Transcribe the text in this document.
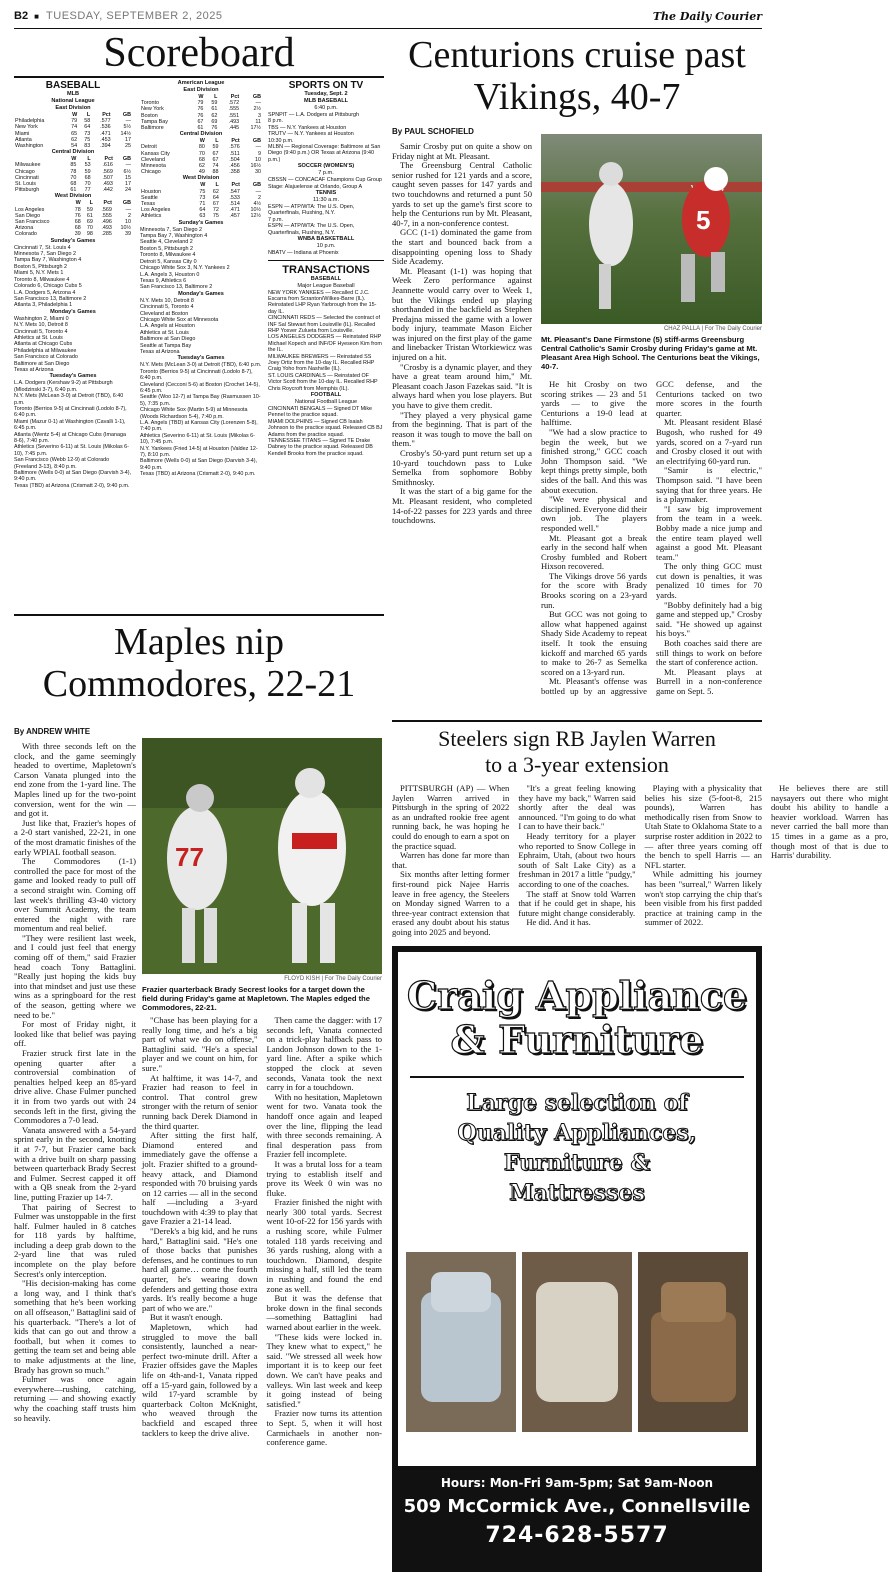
B2 ■ TUESDAY, SEPTEMBER 2, 2025	The Daily Courier
Scoreboard
BASEBALL
MLB
National League
East Division
	W	L	Pct	GB
Philadelphia	79	58	.577	—
New York	74	64	.536	5½
Miami	65	73	.471	14½
Atlanta	62	75	.453	17
Washington	54	83	.394	25
Central Division
	W	L	Pct	GB
Milwaukee	85	53	.616	—
Chicago	78	59	.569	6½
Cincinnati	70	68	.507	15
St. Louis	68	70	.493	17
Pittsburgh	61	77	.442	24
West Division
	W	L	Pct	GB
Los Angeles	78	59	.569	—
San Diego	76	61	.555	2
San Francisco	68	69	.496	10
Arizona	68	70	.493	10½
Colorado	39	98	.285	39
Sunday's Games
Cincinnati 7, St. Louis 4
Minnesota 7, San Diego 2
Tampa Bay 7, Washington 4
Boston 5, Pittsburgh 2
Miami 5, N.Y. Mets 1
Toronto 8, Milwaukee 4
Colorado 6, Chicago Cubs 5
L.A. Dodgers 5, Arizona 4
San Francisco 13, Baltimore 2
Atlanta 3, Philadelphia 1
Monday's Games
Washington 2, Miami 0
N.Y. Mets 10, Detroit 8
Cincinnati 5, Toronto 4
Athletics at St. Louis
Atlanta at Chicago Cubs
Philadelphia at Milwaukee
San Francisco at Colorado
Baltimore at San Diego
Texas at Arizona
Tuesday's Games
L.A. Dodgers (Kershaw 9-2) at Pittsburgh (Mlodzinski 3-7), 6:40 p.m.
N.Y. Mets (McLean 3-0) at Detroit (TBD), 6:40 p.m.
Toronto (Berrios 9-5) at Cincinnati (Lodolo 8-7), 6:40 p.m.
Miami (Mazur 0-1) at Washington (Cavalli 1-1), 6:45 p.m.
Atlanta (Wentz 5-4) at Chicago Cubs (Imanaga 8-6), 7:40 p.m.
Athletics (Severino 6-11) at St. Louis (Mikolas 6-10), 7:45 p.m.
San Francisco (Webb 12-9) at Colorado (Freeland 3-13), 8:40 p.m.
Baltimore (Wells 0-0) at San Diego (Darvish 3-4), 9:40 p.m.
Texas (TBD) at Arizona (Crismatt 2-0), 9:40 p.m.
American League
East Division
	W	L	Pct	GB
Toronto	79	59	.572	—
New York	76	61	.555	2½
Boston	76	62	.551	3
Tampa Bay	67	69	.493	11
Baltimore	61	76	.445	17½
Central Division
	W	L	Pct	GB
Detroit	80	59	.576	—
Kansas City	70	67	.511	9
Cleveland	68	67	.504	10
Minnesota	62	74	.456	16½
Chicago	49	88	.358	30
West Division
	W	L	Pct	GB
Houston	75	62	.547	—
Seattle	73	64	.533	2
Texas	71	67	.514	4½
Los Angeles	64	72	.471	10½
Athletics	63	75	.457	12½
Sunday's Games
Minnesota 7, San Diego 2
Tampa Bay 7, Washington 4
Seattle 4, Cleveland 2
Boston 5, Pittsburgh 2
Toronto 8, Milwaukee 4
Detroit 5, Kansas City 0
Chicago White Sox 3, N.Y. Yankees 2
L.A. Angels 3, Houston 0
Texas 9, Athletics 6
San Francisco 13, Baltimore 2
Monday's Games
N.Y. Mets 10, Detroit 8
Cincinnati 5, Toronto 4
Cleveland at Boston
Chicago White Sox at Minnesota
L.A. Angels at Houston
Athletics at St. Louis
Baltimore at San Diego
Seattle at Tampa Bay
Texas at Arizona
Tuesday's Games
N.Y. Mets (McLean 3-0) at Detroit (TBD), 6:40 p.m.
Toronto (Berrios 9-5) at Cincinnati (Lodolo 8-7), 6:40 p.m.
Cleveland (Cecconi 5-6) at Boston (Crochet 14-5), 6:45 p.m.
Seattle (Woo 12-7) at Tampa Bay (Rasmussen 10-5), 7:35 p.m.
Chicago White Sox (Martin 5-9) at Minnesota (Woods Richardson 5-4), 7:40 p.m.
L.A. Angels (TBD) at Kansas City (Lorenzen 5-8), 7:40 p.m.
Athletics (Severino 6-11) at St. Louis (Mikolas 6-10), 7:45 p.m.
N.Y. Yankees (Fried 14-5) at Houston (Valdez 12-7), 8:10 p.m.
Baltimore (Wells 0-0) at San Diego (Darvish 3-4), 9:40 p.m.
Texas (TBD) at Arizona (Crismatt 2-0), 9:40 p.m.
SPORTS ON TV
Tuesday, Sept. 2
MLB BASEBALL
6:40 p.m.
SPNPIT — L.A. Dodgers at Pittsburgh
8 p.m.
TBS — N.Y. Yankees at Houston
TRUTV — N.Y. Yankees at Houston
10:30 p.m.
MLBN — Regional Coverage: Baltimore at San Diego (9:40 p.m.) OR Texas at Arizona (9:40 p.m.)
SOCCER (WOMEN'S)
7 p.m.
CBSSN — CONCACAF Champions Cup Group Stage: Alajuelense at Orlando, Group A
TENNIS
11:30 a.m.
ESPN — ATP/WTA: The U.S. Open, Quarterfinals, Flushing, N.Y.
7 p.m.
ESPN — ATP/WTA: The U.S. Open, Quarterfinals, Flushing, N.Y.
WNBA BASKETBALL
10 p.m.
NBATV — Indiana at Phoenix
TRANSACTIONS
BASEBALL
Major League Baseball
NEW YORK YANKEES — Recalled C J.C. Escarra from Scranton/Wilkes-Barre (IL). Reinstated LHP Ryan Yarbrough from the 15-day IL.
CINCINNATI REDS — Selected the contract of INF Sal Stewart from Louisville (IL). Recalled RHP Yosver Zulueta from Louisville.
LOS ANGELES DODGERS — Reinstated RHP Michael Kopech and INF/OF Hyeseon Kim from the IL.
MILWAUKEE BREWERS — Reinstated SS Joey Ortiz from the 10-day IL. Recalled RHP Craig Yoho from Nashville (IL).
ST. LOUIS CARDINALS — Reinstated OF Victor Scott from the 10-day IL. Recalled RHP Chris Roycroft from Memphis (IL).
FOOTBALL
National Football League
CINCINNATI BENGALS — Signed DT Mike Pennel to the practice squad.
MIAMI DOLPHINS — Signed CB Isaiah Johnson to the practice squad. Released CB BJ Adams from the practice squad.
TENNESSEE TITANS — Signed TE Drake Dabney to the practice squad. Released DB Kendell Brooks from the practice squad.
Centurions cruise past Vikings, 40-7
By PAUL SCHOFIELD

Samir Crosby put on quite a show on Friday night at Mt. Pleasant.

The Greensburg Central Catholic senior rushed for 121 yards and a score, caught seven passes for 147 yards and two touchdowns and returned a punt 50 yards to set up the game's first score to help the Centurions run by Mt. Pleasant, 40-7, in a non-conference contest.

GCC (1-1) dominated the game from the start and bounced back from a disappointing opening loss to Shady Side Academy.

Mt. Pleasant (1-1) was hoping that Week Zero performance against Jeannette would carry over to Week 1, but the Vikings ended up playing shorthanded in the backfield as Stephen Predajna missed the game with a lower body injury, teammate Mason Eicher was injured on the first play of the game and linebacker Tristan Wtorkiewicz was injured on a hit.

"Crosby is a dynamic player, and they have a great team around him," Mt. Pleasant coach Jason Fazekas said. "It is always hard when you lose players. But you have to give them credit.

"They played a very physical game from the beginning. That is part of the reason it was tough to move the ball on them."

Crosby's 50-yard punt return set up a 10-yard touchdown pass to Luke Semelka from sophomore Bobby Smithnosky.

It was the start of a big game for the Mt. Pleasant resident, who completed 14-of-22 passes for 223 yards and three touchdowns.

5
CHAZ PALLA | For The Daily Courier
Mt. Pleasant's Dane Firmstone (5) stiff-arms Greensburg Central Catholic's Samir Crosby during Friday's game at Mt. Pleasant Area High School. The Centurions beat the Vikings, 40-7.

He hit Crosby on two scoring strikes — 23 and 51 yards — to give the Centurions a 19-0 lead at halftime.

"We had a slow practice to begin the week, but we finished strong," GCC coach John Thompson said. "We kept things pretty simple, both sides of the ball. And this was about execution.

"We were physical and disciplined. Everyone did their own job. The players responded well."

Mt. Pleasant got a break early in the second half when Crosby fumbled and Robert Hixson recovered.

The Vikings drove 56 yards for the score with Brady Brooks scoring on a 23-yard run.

But GCC was not going to allow what happened against Shady Side Academy to repeat itself. It took the ensuing kickoff and marched 65 yards to make to 26-7 as Semelka scored on a 13-yard run.

Mt. Pleasant's offense was bottled up by an aggressive GCC defense, and the Centurions tacked on two more scores in the fourth quarter.

Mt. Pleasant resident Blasé Bugosh, who rushed for 49 yards, scored on a 7-yard run and Crosby closed it out with an electrifying 60-yard run.

"Samir is electric," Thompson said. "I have been saying that for three years. He is a playmaker.

"I saw big improvement from the team in a week. Bobby made a nice jump and the entire team played well against a good Mt. Pleasant team."

The only thing GCC must cut down is penalties, it was penalized 10 times for 70 yards.

"Bobby definitely had a big game and stepped up," Crosby said. "He showed up against his boys."

Both coaches said there are still things to work on before the start of conference action.

Mt. Pleasant plays at Burrell in a non-conference game on Sept. 5.

Maples nip Commodores, 22-21
By ANDREW WHITE
77
FLOYD KISH | For The Daily Courier
Frazier quarterback Brady Secrest looks for a target down the field during Friday's game at Mapletown. The Maples edged the Commodores, 22-21.

With three seconds left on the clock, and the game seemingly headed to overtime, Mapletown's Carson Vanata plunged into the end zone from the 1-yard line. The Maples lined up for the two-point conversion, went for the win — and got it.

Just like that, Frazier's hopes of a 2-0 start vanished, 22-21, in one of the most dramatic finishes of the early WPIAL football season.

The Commodores (1-1) controlled the pace for most of the game and looked ready to pull off a second straight win. Coming off last week's thrilling 43-40 victory over Summit Academy, the team entered the night with rare momentum and real belief.

"They were resilient last week, and I could just feel that energy coming off of them," said Frazier head coach Tony Battaglini. "Really just hoping the kids buy into that mindset and just use these wins as a springboard for the rest of the season, getting where we need to be."

For most of Friday night, it looked like that belief was paying off.

Frazier struck first late in the opening quarter after a controversial combination of penalties helped keep an 85-yard drive alive. Chase Fulmer punched it in from two yards out with 24 seconds left in the first, giving the Commodores a 7-0 lead.

Vanata answered with a 54-yard sprint early in the second, knotting it at 7-7, but Frazier came back with a drive built on sharp passing between quarterback Brady Secrest and Fulmer. Secrest capped it off with a QB sneak from the 2-yard line, putting Frazier up 14-7.

That pairing of Secrest to Fulmer was unstoppable in the first half. Fulmer hauled in 8 catches for 118 yards by halftime, including a deep grab down to the 2-yard line that was ruled incomplete on the play before Secrest's only interception.

"His decision-making has come a long way, and I think that's something that he's been working on all offseason," Battaglini said of his quarterback. "There's a lot of kids that can go out and throw a football, but when it comes to getting the team set and being able to make adjustments at the line, Brady has grown so much."

Fulmer was once again everywhere—rushing, catching, returning — and showing exactly why the coaching staff trusts him so heavily.

"Chase has been playing for a really long time, and he's a big part of what we do on offense," Battaglini said. "He's a special player and we count on him, for sure."

At halftime, it was 14-7, and Frazier had reason to feel in control. That control grew stronger with the return of senior running back Derek Diamond in the third quarter.

After sitting the first half, Diamond entered and immediately gave the offense a jolt. Frazier shifted to a ground-heavy attack, and Diamond responded with 70 bruising yards on 12 carries — all in the second half —including a 3-yard touchdown with 4:39 to play that gave Frazier a 21-14 lead.

"Derek's a big kid, and he runs hard," Battaglini said. "He's one of those backs that punishes defenses, and he continues to run hard all game… come the fourth quarter, he's wearing down defenders and getting those extra yards. It's really become a huge part of who we are."

But it wasn't enough.

Mapletown, which had struggled to move the ball consistently, launched a near-perfect two-minute drill. After a Frazier offsides gave the Maples life on 4th-and-1, Vanata ripped off a 15-yard gain, followed by a wild 17-yard scramble by quarterback Colton McKnight, who weaved through the backfield and escaped three tacklers to keep the drive alive.

Then came the dagger: with 17 seconds left, Vanata connected on a trick-play halfback pass to Landon Johnson down to the 1-yard line. After a spike which stopped the clock at seven seconds, Vanata took the next carry in for a touchdown.

With no hesitation, Mapletown went for two. Vanata took the handoff once again and leaped over the line, flipping the lead with three seconds remaining. A final desperation pass from Frazier fell incomplete.

It was a brutal loss for a team trying to establish itself and prove its Week 0 win was no fluke.

Frazier finished the night with nearly 300 total yards. Secrest went 10-of-22 for 156 yards with a rushing score, while Fulmer totaled 118 yards receiving and 36 yards rushing, along with a touchdown. Diamond, despite missing a half, still led the team in rushing and found the end zone as well.

But it was the defense that broke down in the final seconds—something Battaglini had warned about earlier in the week.

"These kids were locked in. They knew what to expect," he said. "We stressed all week how important it is to keep our feet down. We can't have peaks and valleys. Win last week and keep it going instead of being satisfied."

Frazier now turns its attention to Sept. 5, when it will host Carmichaels in another non-conference game.

Steelers sign RB Jaylen Warren to a 3-year extension

PITTSBURGH (AP) — When Jaylen Warren arrived in Pittsburgh in the spring of 2022 as an undrafted rookie free agent running back, he was hoping he could do enough to earn a spot on the practice squad.

Warren has done far more than that.

Six months after letting former first-round pick Najee Harris leave in free agency, the Steelers on Monday signed Warren to a three-year contract extension that erased any doubt about his status going into 2025 and beyond.

"It's a great feeling knowing they have my back," Warren said shortly after the deal was announced. "I'm going to do what I can to have their back."

Heady territory for a player who reported to Snow College in Ephraim, Utah, (about two hours south of Salt Lake City) as a freshman in 2017 a little "pudgy," according to one of the coaches.

The staff at Snow told Warren that if he could get in shape, his future might change considerably.

He did. And it has.

Playing with a physicality that belies his size (5-foot-8, 215 pounds), Warren has methodically risen from Snow to Utah State to Oklahoma State to a surprise roster addition in 2022 to — after three years coming off the bench to spell Harris — an NFL starter.

While admitting his journey has been "surreal," Warren likely won't stop carrying the chip that's been visible from his first padded practice at training camp in the summer of 2022.

He believes there are still naysayers out there who might doubt his ability to handle a heavier workload. Warren has never carried the ball more than 15 times in a game as a pro, though most of that is due to Harris' durability.

Craig Appliance
& Furniture
Large selection of
Quality Appliances,
Furniture &
Mattresses
Hours: Mon-Fri 9am-5pm; Sat 9am-Noon
509 McCormick Ave., Connellsville
724-628-5577
